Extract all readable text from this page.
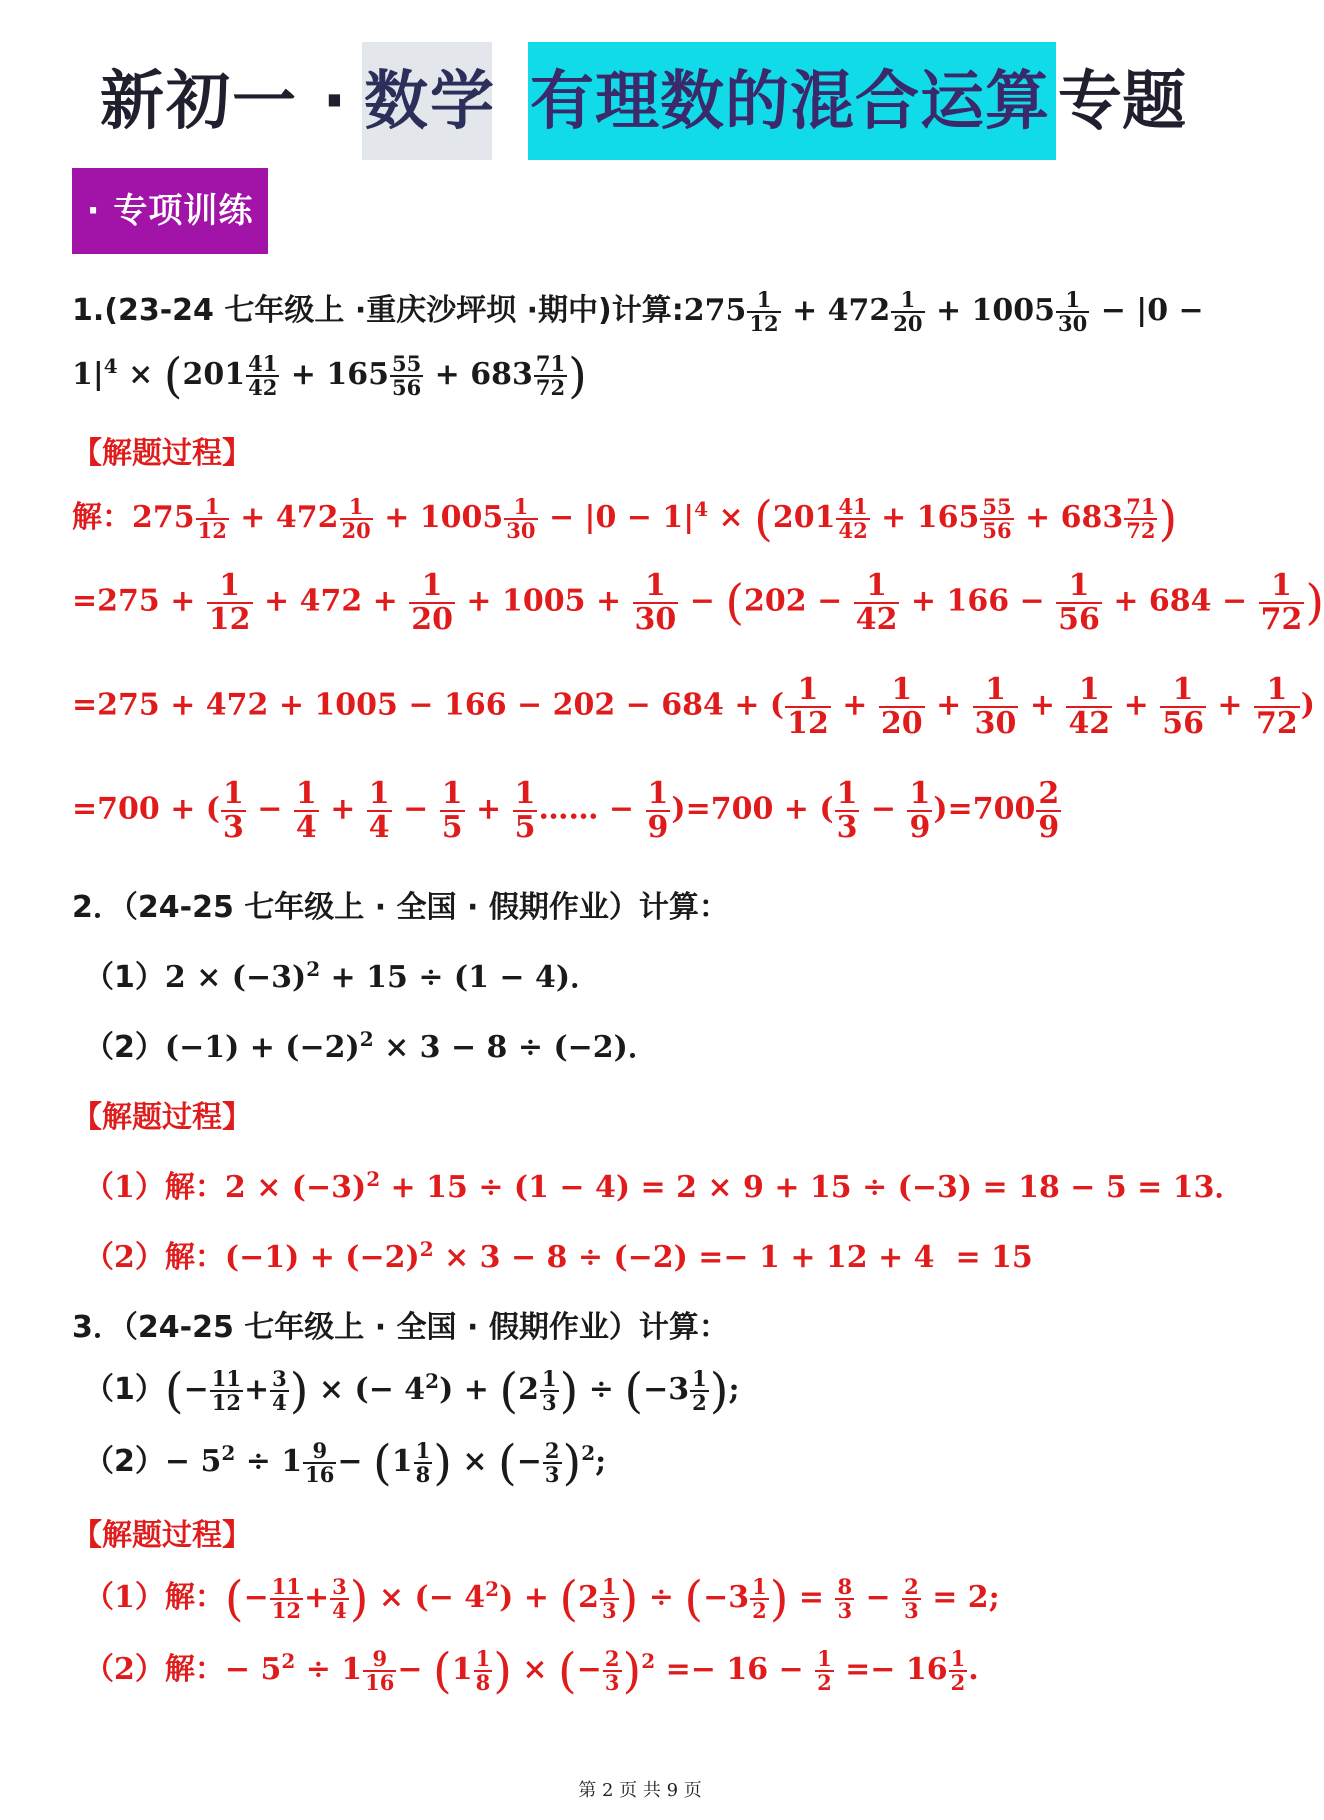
新初一 · 数学 有理数的混合运算 专题
· 专项训练
1.(23-24 七年级上 ·重庆沙坪坝 ·期中)计算:275 $\frac{1}{12} + 472 \frac{1}{20} + 1005 \frac{1}{30} - |0$ −
$1|^4 \times (201 \frac{41}{42} + 165 \frac{55}{56} + 683 \frac{71}{72}$ )
【解题过程】
解：$275 \frac{1}{12} + 472 \frac{1}{20} + 1005 \frac{1}{30} - |0 - 1|^4 \times (201 \frac{41}{42} + 165 \frac{55}{56} + 683 \frac{71}{72}$ )
$=275 + \frac{1}{12} + 472 + \frac{1}{20} + 1005 + \frac{1}{30} - (202 - \frac{1}{42} + 166 - \frac{1}{56} + 684 - \frac{1}{72}$ )
=275 + 472 + 1005 − 166 − 202 − 684 + ( $\frac{1}{12} + \frac{1}{20} + \frac{1}{30} + \frac{1}{42} + \frac{1}{56} + \frac{1}{72}$ )
=700 + ( $\frac{1}{3} - \frac{1}{4} + \frac{1}{4} - \frac{1}{5} + \frac{1}{5}$ …… − $\frac{1}{9} )=700$ + ( $\frac{1}{3} - \frac{1}{9} )=700 \frac{2}{9}$
2．（24-25 七年级上 · 全国 · 假期作业）计算：
$(1)2 \times (-3)^2 + 15 \div (1 - 4)$．
$(2)(-1) + (-2)^2 \times 3 - 8 \div (-2)$．
【解题过程】
（1）解：$2 \times (-3)^2 + 15 \div (1 - 4) = 2 \times 9 + 15 \div (-3) = 18 - 5 = 13$．
（2）解：$(-1) + (-2)^2 \times 3 - 8 \div (-2) =- 1 + 12 + 4 = 15$
3．（24-25 七年级上 · 全国 · 假期作业）计算：
$(1)(- \frac{11}{12} + \frac{3}{4}$ ) × (− $4^2) + (2 \frac{1}{3}$ ) ÷ ($-3 \frac{1}{2}$ );
$(2)- 5^2 \div 1 \frac{9}{16} - (1 \frac{1}{8}$ ) × (− $\frac{2}{3} )^2$;
【解题过程】
（1）解：(− $\frac{11}{12} + \frac{3}{4}$ ) × (− $4^2) + (2 \frac{1}{3}$ ) ÷ ($-3 \frac{1}{2}$ ) = $\frac{8}{3} - \frac{2}{3} = 2$;
（2）解：− $5^2 \div 1 \frac{9}{16} - (1 \frac{1}{8}$ ) × (− $\frac{2}{3} )^2 =- 16 - \frac{1}{2} =- 16 \frac{1}{2}$ .
第 2 页 共 9 页
